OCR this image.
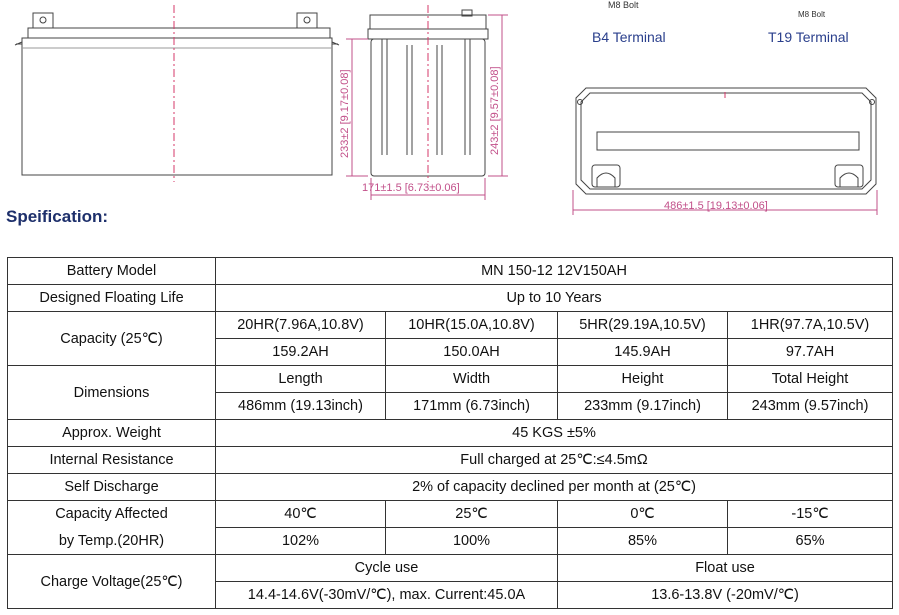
233±2 [9.17±0.08]	243±2 [9.57±0.08]
171±1.5 [6.73±0.06]
M8 Bolt
M8 Bolt
B4 Terminal	T19 Terminal
486±1.5 [19.13±0.06]
Speification:
Battery Model	MN 150-12 12V150AH			
Designed Floating Life	Up to 10 Years			
Capacity (25℃)	20HR(7.96A,10.8V)	10HR(15.0A,10.8V)	5HR(29.19A,10.5V)	1HR(97.7A,10.5V)
	159.2AH	150.0AH	145.9AH	97.7AH
Dimensions	Length	Width	Height	Total Height
	486mm (19.13inch)	171mm (6.73inch)	233mm (9.17inch)	243mm (9.57inch)
Approx. Weight	45 KGS ±5%			
Internal Resistance	Full charged at 25℃:≤4.5mΩ			
Self Discharge	2% of capacity declined per month at (25℃)			
Capacity Affected	40℃	25℃	0℃	-15℃
by Temp.(20HR)	102%	100%	85%	65%
Charge Voltage(25℃)	Cycle use		Float use	
	14.4-14.6V(-30mV/℃), max. Current:45.0A		13.6-13.8V (-20mV/℃)	
